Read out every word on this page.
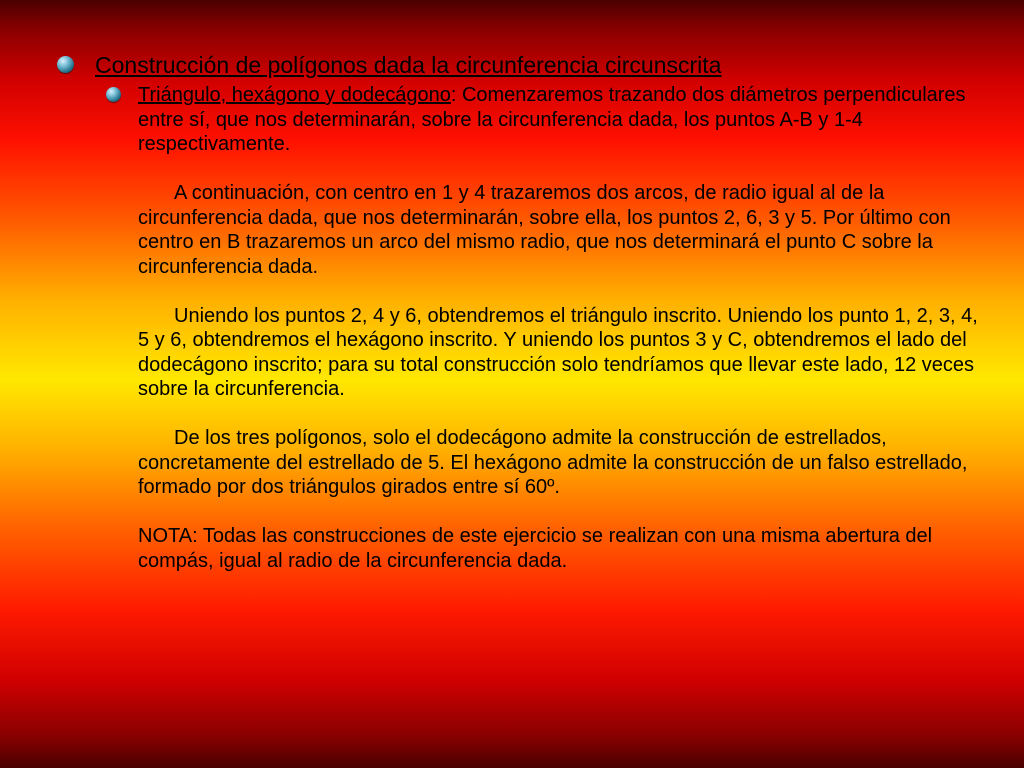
Construcción de polígonos dada la circunferencia circunscrita

Triángulo, hexágono y dodecágono: Comenzaremos trazando dos diámetros perpendiculares entre sí, que nos determinarán, sobre la circunferencia dada, los puntos A-B y 1-4 respectivamente.

A continuación, con centro en 1 y 4 trazaremos dos arcos, de radio igual al de la circunferencia dada, que nos determinarán, sobre ella, los puntos 2, 6, 3 y 5. Por último con centro en B trazaremos un arco del mismo radio, que nos determinará el punto C sobre la circunferencia dada.

Uniendo los puntos 2, 4 y 6, obtendremos el triángulo inscrito. Uniendo los punto 1, 2, 3, 4, 5 y 6, obtendremos el hexágono inscrito. Y uniendo los puntos 3 y C, obtendremos el lado del dodecágono inscrito; para su total construcción solo tendríamos que llevar este lado, 12 veces sobre la circunferencia.

De los tres polígonos, solo el dodecágono admite la construcción de estrellados, concretamente del estrellado de 5. El hexágono admite la construcción de un falso estrellado, formado por dos triángulos girados entre sí 60º.

NOTA: Todas las construcciones de este ejercicio se realizan con una misma abertura del compás, igual al radio de la circunferencia dada.
